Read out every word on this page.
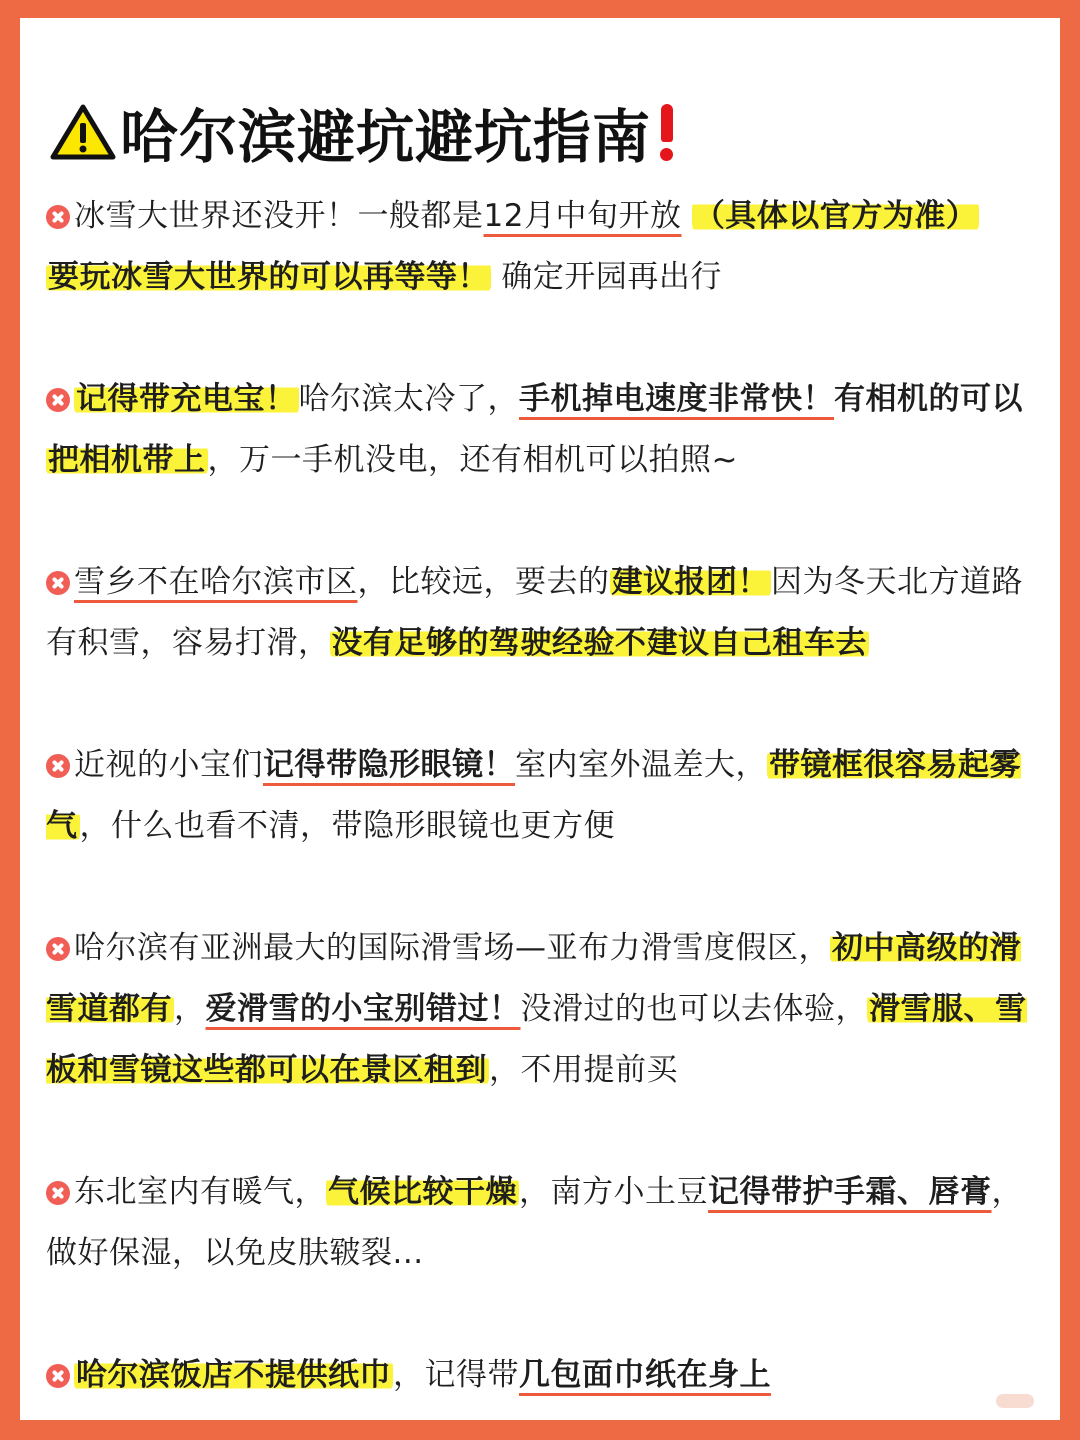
哈尔滨避坑避坑指南
冰雪大世界还没开！一般都是12月中旬开放 （具体以官方为准）
要玩冰雪大世界的可以再等等！ 确定开园再出行
记得带充电宝！哈尔滨太冷了，手机掉电速度非常快！有相机的可以把相机带上，万一手机没电，还有相机可以拍照~
雪乡不在哈尔滨市区，比较远，要去的建议报团！因为冬天北方道路有积雪，容易打滑，没有足够的驾驶经验不建议自己租车去
近视的小宝们记得带隐形眼镜！室内室外温差大，带镜框很容易起雾气，什么也看不清，带隐形眼镜也更方便
哈尔滨有亚洲最大的国际滑雪场—亚布力滑雪度假区，初中高级的滑雪道都有，爱滑雪的小宝别错过！没滑过的也可以去体验，滑雪服、雪板和雪镜这些都可以在景区租到，不用提前买
东北室内有暖气，气候比较干燥，南方小土豆记得带护手霜、唇膏，做好保湿，以免皮肤皲裂...
哈尔滨饭店不提供纸巾，记得带几包面巾纸在身上
